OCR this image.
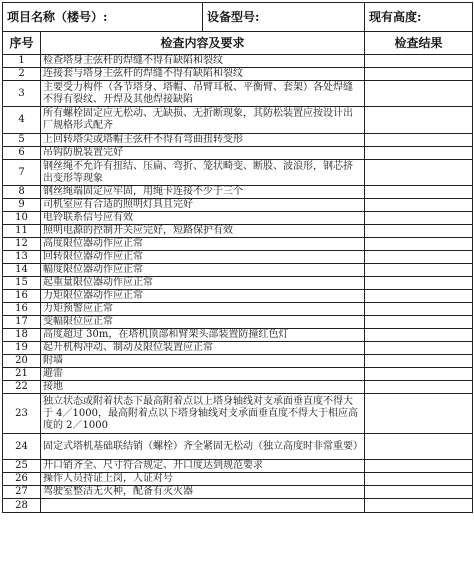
项目名称（楼号）:		设备型号:	现有高度:
序号	检查内容及要求		检查结果
1	检查塔身主弦杆的焊缝不得有缺陷和裂纹		
2	连接套与塔身主弦杆的焊缝不得有缺陷和裂纹		
3	主要受力构件（各节塔身、塔帽、吊臂耳板、平衡臂、套架）各处焊缝不得有裂纹、开焊及其他焊接缺陷		
4	所有螺栓固定应无松动、无缺损、无折断现象，其防松装置应按设计出厂规格形式配齐		
5	上回转塔尖或塔帽主弦杆不得有弯曲扭转变形		
6	吊钩防脱装置完好		
7	钢丝绳不允许有扭结、压扁、弯折、笼状畸变、断股、波浪形，钢芯挤出变形等现象		
8	钢丝绳端固定应牢固，用绳卡连接不少于三个		
9	司机室应有合适的照明灯具且完好		
10	电铃联系信号应有效		
11	照明电源的控制开关应完好，短路保护有效		
12	高度限位器动作应正常		
13	回转限位器动作应正常		
14	幅度限位器动作应正常		
15	起重量限位器动作应正常		
16	力矩限位器动作应正常		
16	力矩预警应正常		
17	变幅限位应正常		
18	高度超过 30m，在塔机顶部和臂架头部装置防撞红色灯		
19	起升机构冲动、制动及限位装置应正常		
20	附墙		
21	避雷		
22	接地		
23	独立状态或附着状态下最高附着点以上塔身轴线对支承面垂直度不得大于 4／1000，最高附着点以下塔身轴线对支承面垂直度不得大于相应高度的 2／1000		
24	固定式塔机基础联结销（螺栓）齐全紧固无松动（独立高度时非常重要）		
25	开口销齐全、尺寸符合规定、开口度达到规范要求		
26	操作人员持证上岗，人证对号		
27	驾驶室整洁无火种，配备有灭火器		
28			
